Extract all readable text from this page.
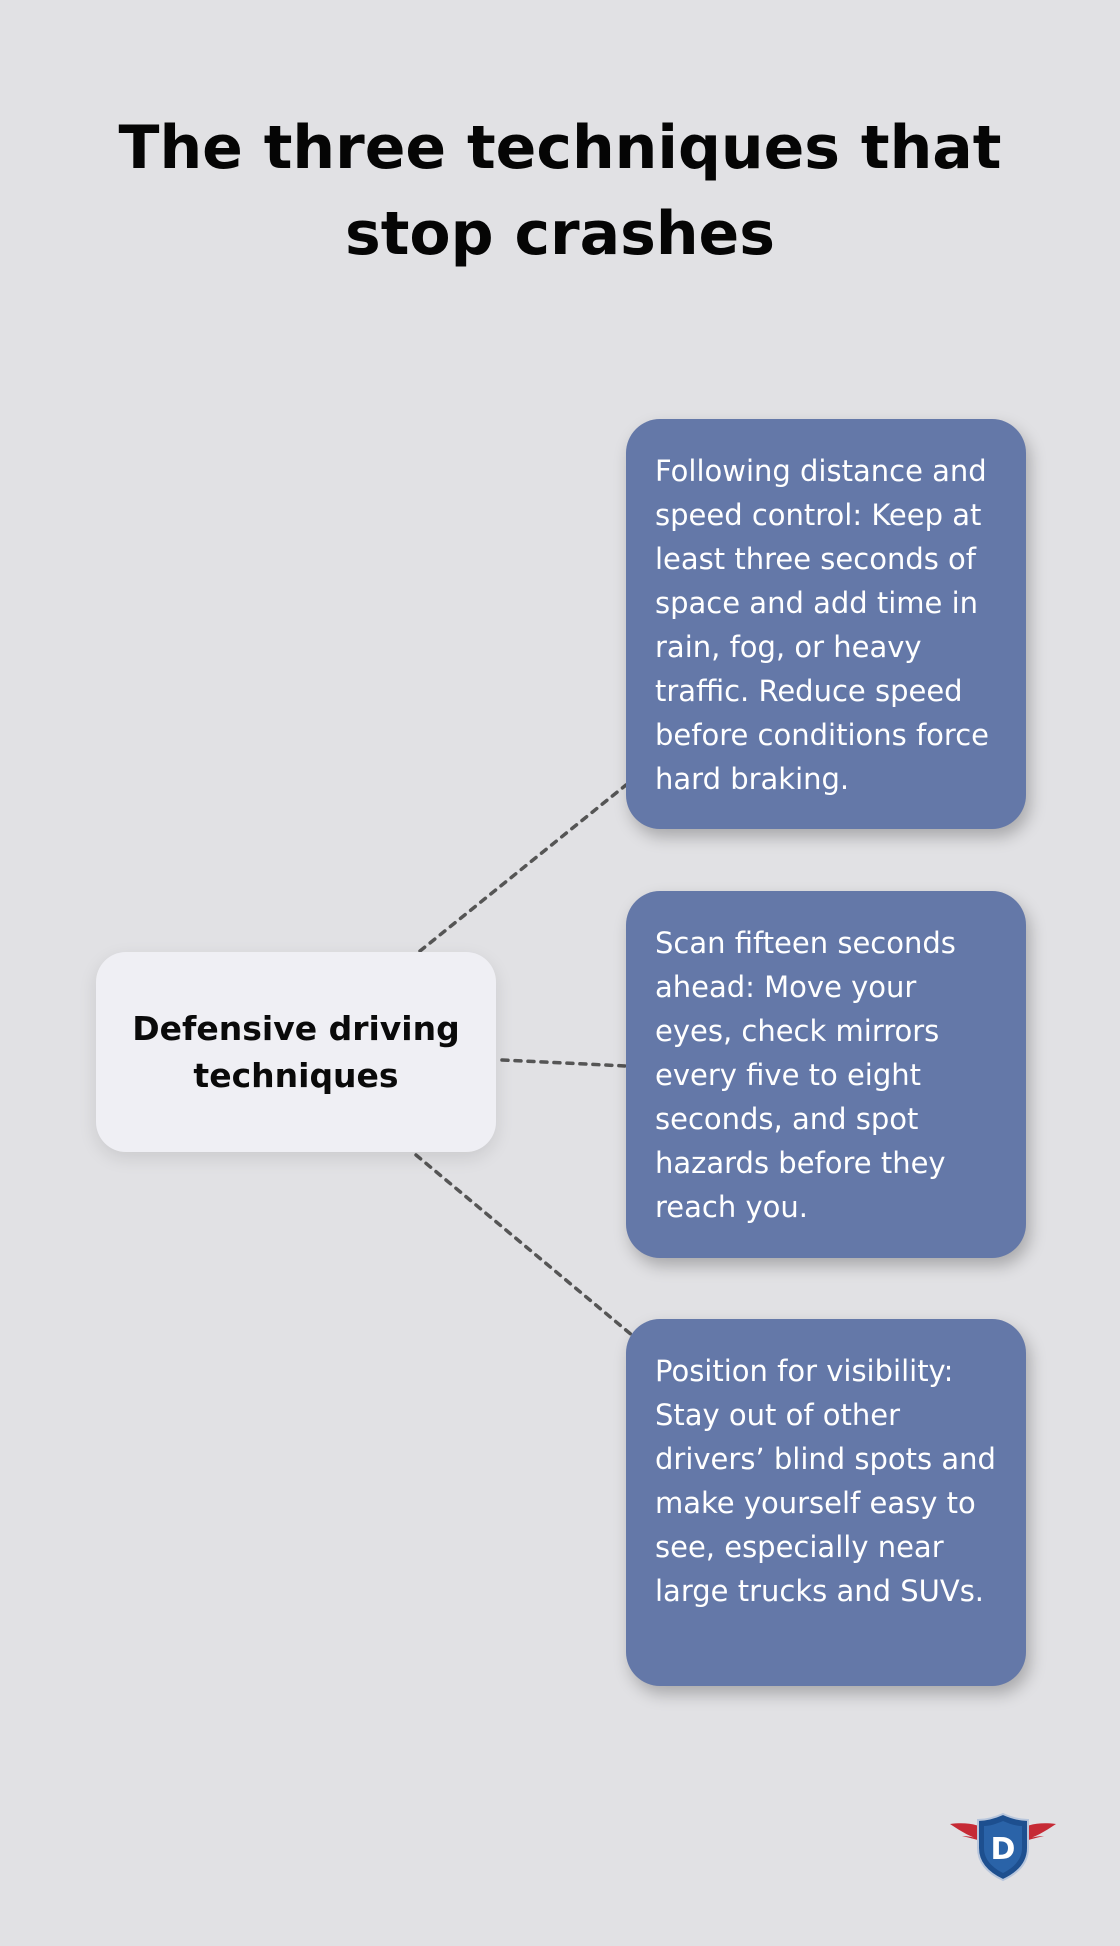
The three techniques that stop crashes
Defensive driving techniques
Following distance and speed control: Keep at least three seconds of space and add time in rain, fog, or heavy traffic. Reduce speed before conditions force hard braking.
Scan fifteen seconds ahead: Move your eyes, check mirrors every five to eight seconds, and spot hazards before they reach you.
Position for visibility: Stay out of other drivers’ blind spots and make yourself easy to see, especially near large trucks and SUVs.
D
